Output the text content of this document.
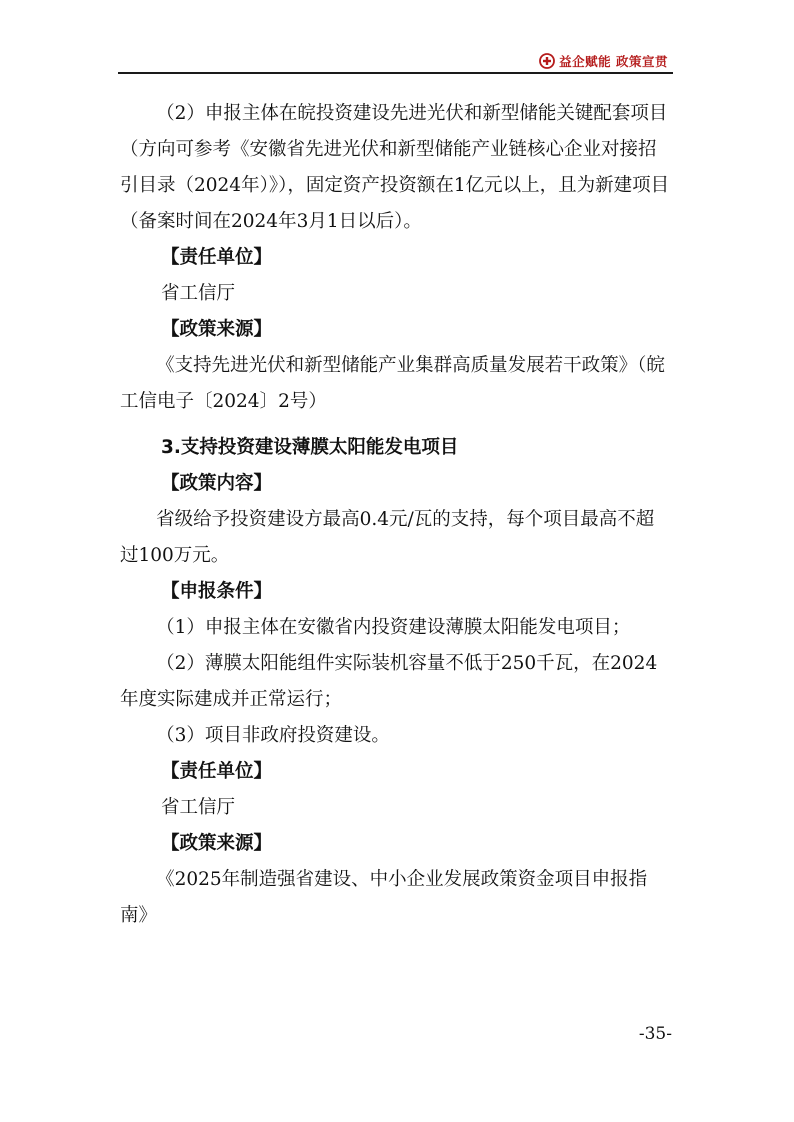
益企赋能 政策宣贯

（2）申报主体在皖投资建设先进光伏和新型储能关键配套项目（方向可参考《安徽省先进光伏和新型储能产业链核心企业对接招引目录（2024年）》），固定资产投资额在1亿元以上，且为新建项目（备案时间在2024年3月1日以后）。

【责任单位】

省工信厅

【政策来源】

《支持先进光伏和新型储能产业集群高质量发展若干政策》（皖工信电子〔2024〕2号）

3.支持投资建设薄膜太阳能发电项目

【政策内容】

省级给予投资建设方最高0.4元/瓦的支持，每个项目最高不超过100万元。

【申报条件】

（1）申报主体在安徽省内投资建设薄膜太阳能发电项目；

（2）薄膜太阳能组件实际装机容量不低于250千瓦，在2024年度实际建成并正常运行；

（3）项目非政府投资建设。

【责任单位】

省工信厅

【政策来源】

《2025年制造强省建设、中小企业发展政策资金项目申报指南》

-35-
